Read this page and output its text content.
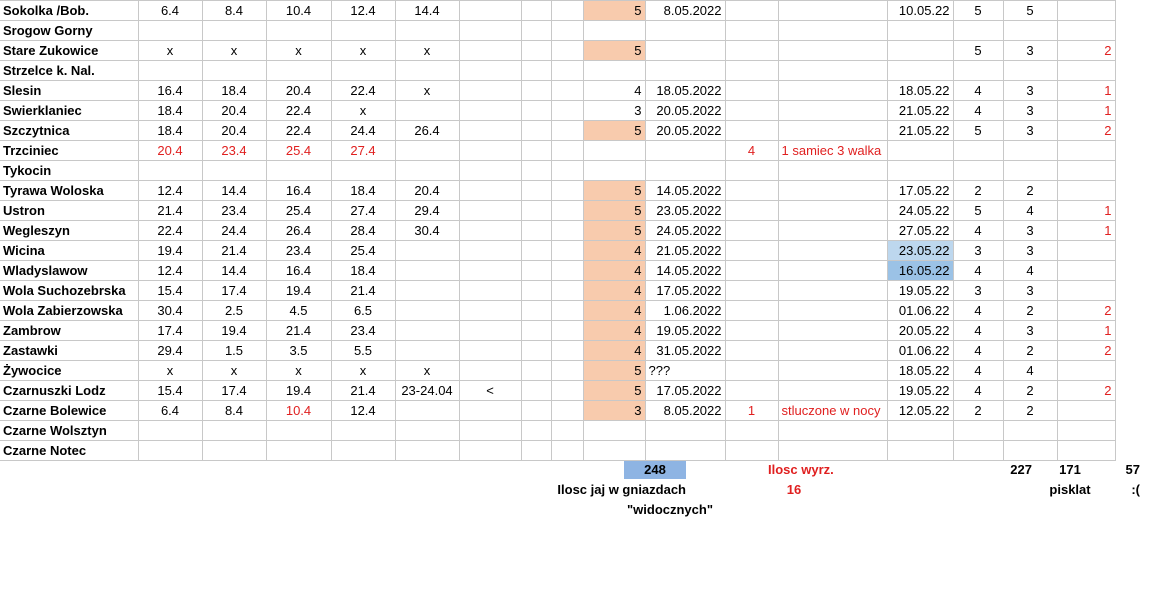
Sokolka /Bob.	6.4	8.4	10.4	12.4	14.4				5	8.05.2022			10.05.22	5	5	
Srogow Gorny																
Stare Zukowice	x	x	x	x	x				5					5	3	2
Strzelce k. Nal.																
Slesin	16.4	18.4	20.4	22.4	x				4	18.05.2022			18.05.22	4	3	1
Swierklaniec	18.4	20.4	22.4	x					3	20.05.2022			21.05.22	4	3	1
Szczytnica	18.4	20.4	22.4	24.4	26.4				5	20.05.2022			21.05.22	5	3	2
Trzciniec	20.4	23.4	25.4	27.4							4	1 samiec 3 walka				
Tykocin																
Tyrawa Woloska	12.4	14.4	16.4	18.4	20.4				5	14.05.2022			17.05.22	2	2	
Ustron	21.4	23.4	25.4	27.4	29.4				5	23.05.2022			24.05.22	5	4	1
Wegleszyn	22.4	24.4	26.4	28.4	30.4				5	24.05.2022			27.05.22	4	3	1
Wicina	19.4	21.4	23.4	25.4					4	21.05.2022			23.05.22	3	3	
Wladyslawow	12.4	14.4	16.4	18.4					4	14.05.2022			16.05.22	4	4	
Wola Suchozebrska	15.4	17.4	19.4	21.4					4	17.05.2022			19.05.22	3	3	
Wola Zabierzowska	30.4	2.5	4.5	6.5					4	1.06.2022			01.06.22	4	2	2
Zambrow	17.4	19.4	21.4	23.4					4	19.05.2022			20.05.22	4	3	1
Zastawki	29.4	1.5	3.5	5.5					4	31.05.2022			01.06.22	4	2	2
Żywocice	x	x	x	x	x				5	???			18.05.22	4	4	
Czarnuszki Lodz	15.4	17.4	19.4	21.4	23-24.04	<			5	17.05.2022			19.05.22	4	2	2
Czarne Bolewice	6.4	8.4	10.4	12.4					3	8.05.2022	1	stluczone w nocy	12.05.22	2	2	
Czarne Wolsztyn																
Czarne Notec																
248	Ilosc wyrz.	227	171	57
Ilosc jaj w gniazdach	16	pisklat	:(
"widocznych"
